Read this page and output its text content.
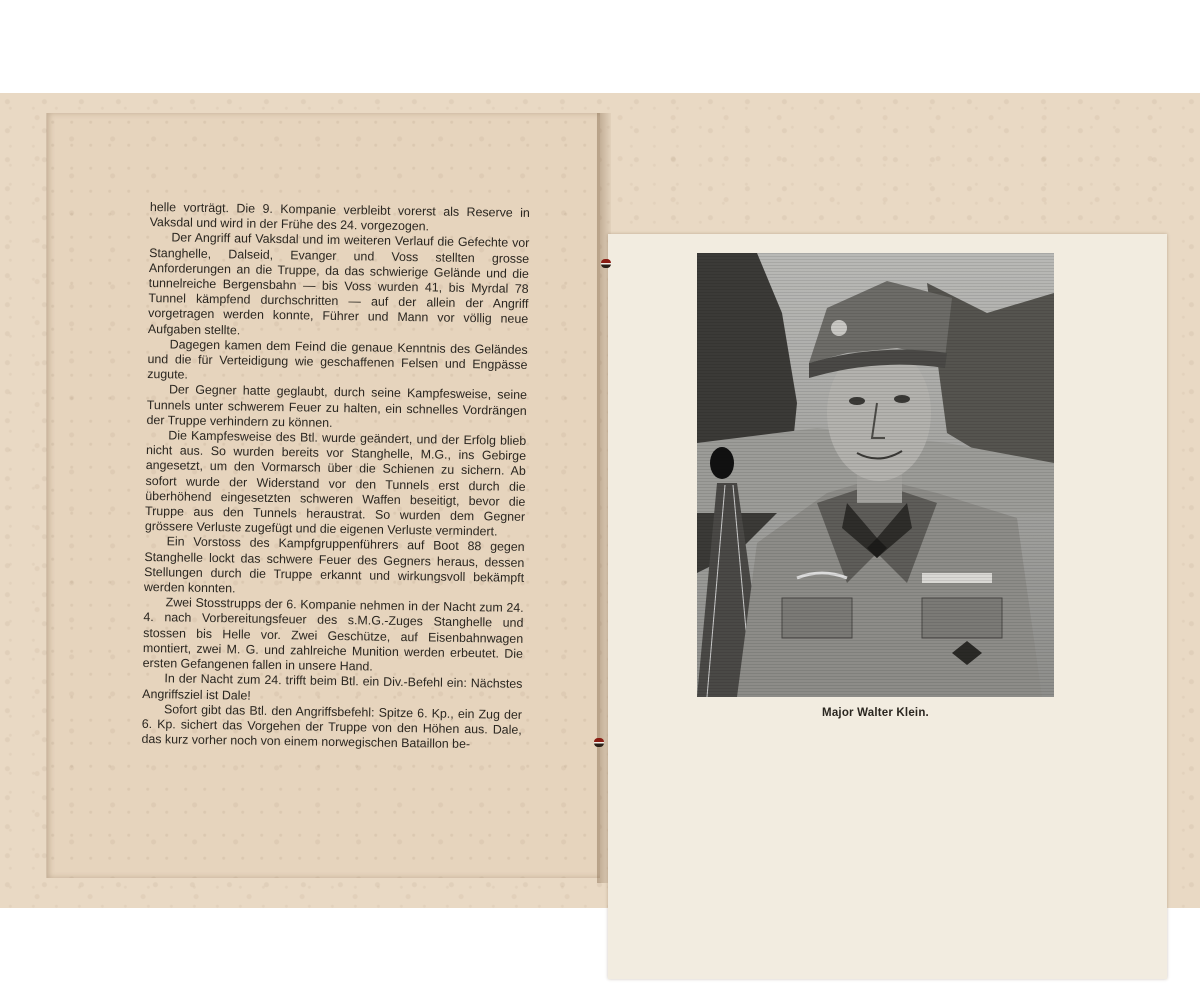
helle vorträgt. Die 9. Kompanie verbleibt vorerst als Reserve in Vaksdal und wird in der Frühe des 24. vorgezogen.

Der Angriff auf Vaksdal und im weiteren Verlauf die Gefechte vor Stanghelle, Dalseid, Evanger und Voss stellten grosse Anforderungen an die Truppe, da das schwierige Gelände und die tunnelreiche Bergensbahn — bis Voss wurden 41, bis Myrdal 78 Tunnel kämpfend durchschritten — auf der allein der Angriff vorgetragen werden konnte, Führer und Mann vor völlig neue Aufgaben stellte.

Dagegen kamen dem Feind die genaue Kenntnis des Geländes und die für Verteidigung wie geschaffenen Felsen und Engpässe zugute.

Der Gegner hatte geglaubt, durch seine Kampfesweise, seine Tunnels unter schwerem Feuer zu halten, ein schnelles Vordrängen der Truppe verhindern zu können.

Die Kampfesweise des Btl. wurde geändert, und der Erfolg blieb nicht aus. So wurden bereits vor Stanghelle, M.G., ins Gebirge angesetzt, um den Vormarsch über die Schienen zu sichern. Ab sofort wurde der Widerstand vor den Tunnels erst durch die überhöhend eingesetzten schweren Waffen beseitigt, bevor die Truppe aus den Tunnels heraustrat. So wurden dem Gegner grössere Verluste zugefügt und die eigenen Verluste vermindert.

Ein Vorstoss des Kampfgruppenführers auf Boot 88 gegen Stanghelle lockt das schwere Feuer des Gegners heraus, dessen Stellungen durch die Truppe erkannt und wirkungsvoll bekämpft werden konnten.

Zwei Stosstrupps der 6. Kompanie nehmen in der Nacht zum 24. 4. nach Vorbereitungsfeuer des s.M.G.-Zuges Stanghelle und stossen bis Helle vor. Zwei Geschütze, auf Eisenbahnwagen montiert, zwei M. G. und zahlreiche Munition werden erbeutet. Die ersten Gefangenen fallen in unsere Hand.

In der Nacht zum 24. trifft beim Btl. ein Div.-Befehl ein: Nächstes Angriffsziel ist Dale!

Sofort gibt das Btl. den Angriffsbefehl: Spitze 6. Kp., ein Zug der 6. Kp. sichert das Vorgehen der Truppe von den Höhen aus. Dale, das kurz vorher noch von einem norwegischen Bataillon be-

Major Walter Klein.
